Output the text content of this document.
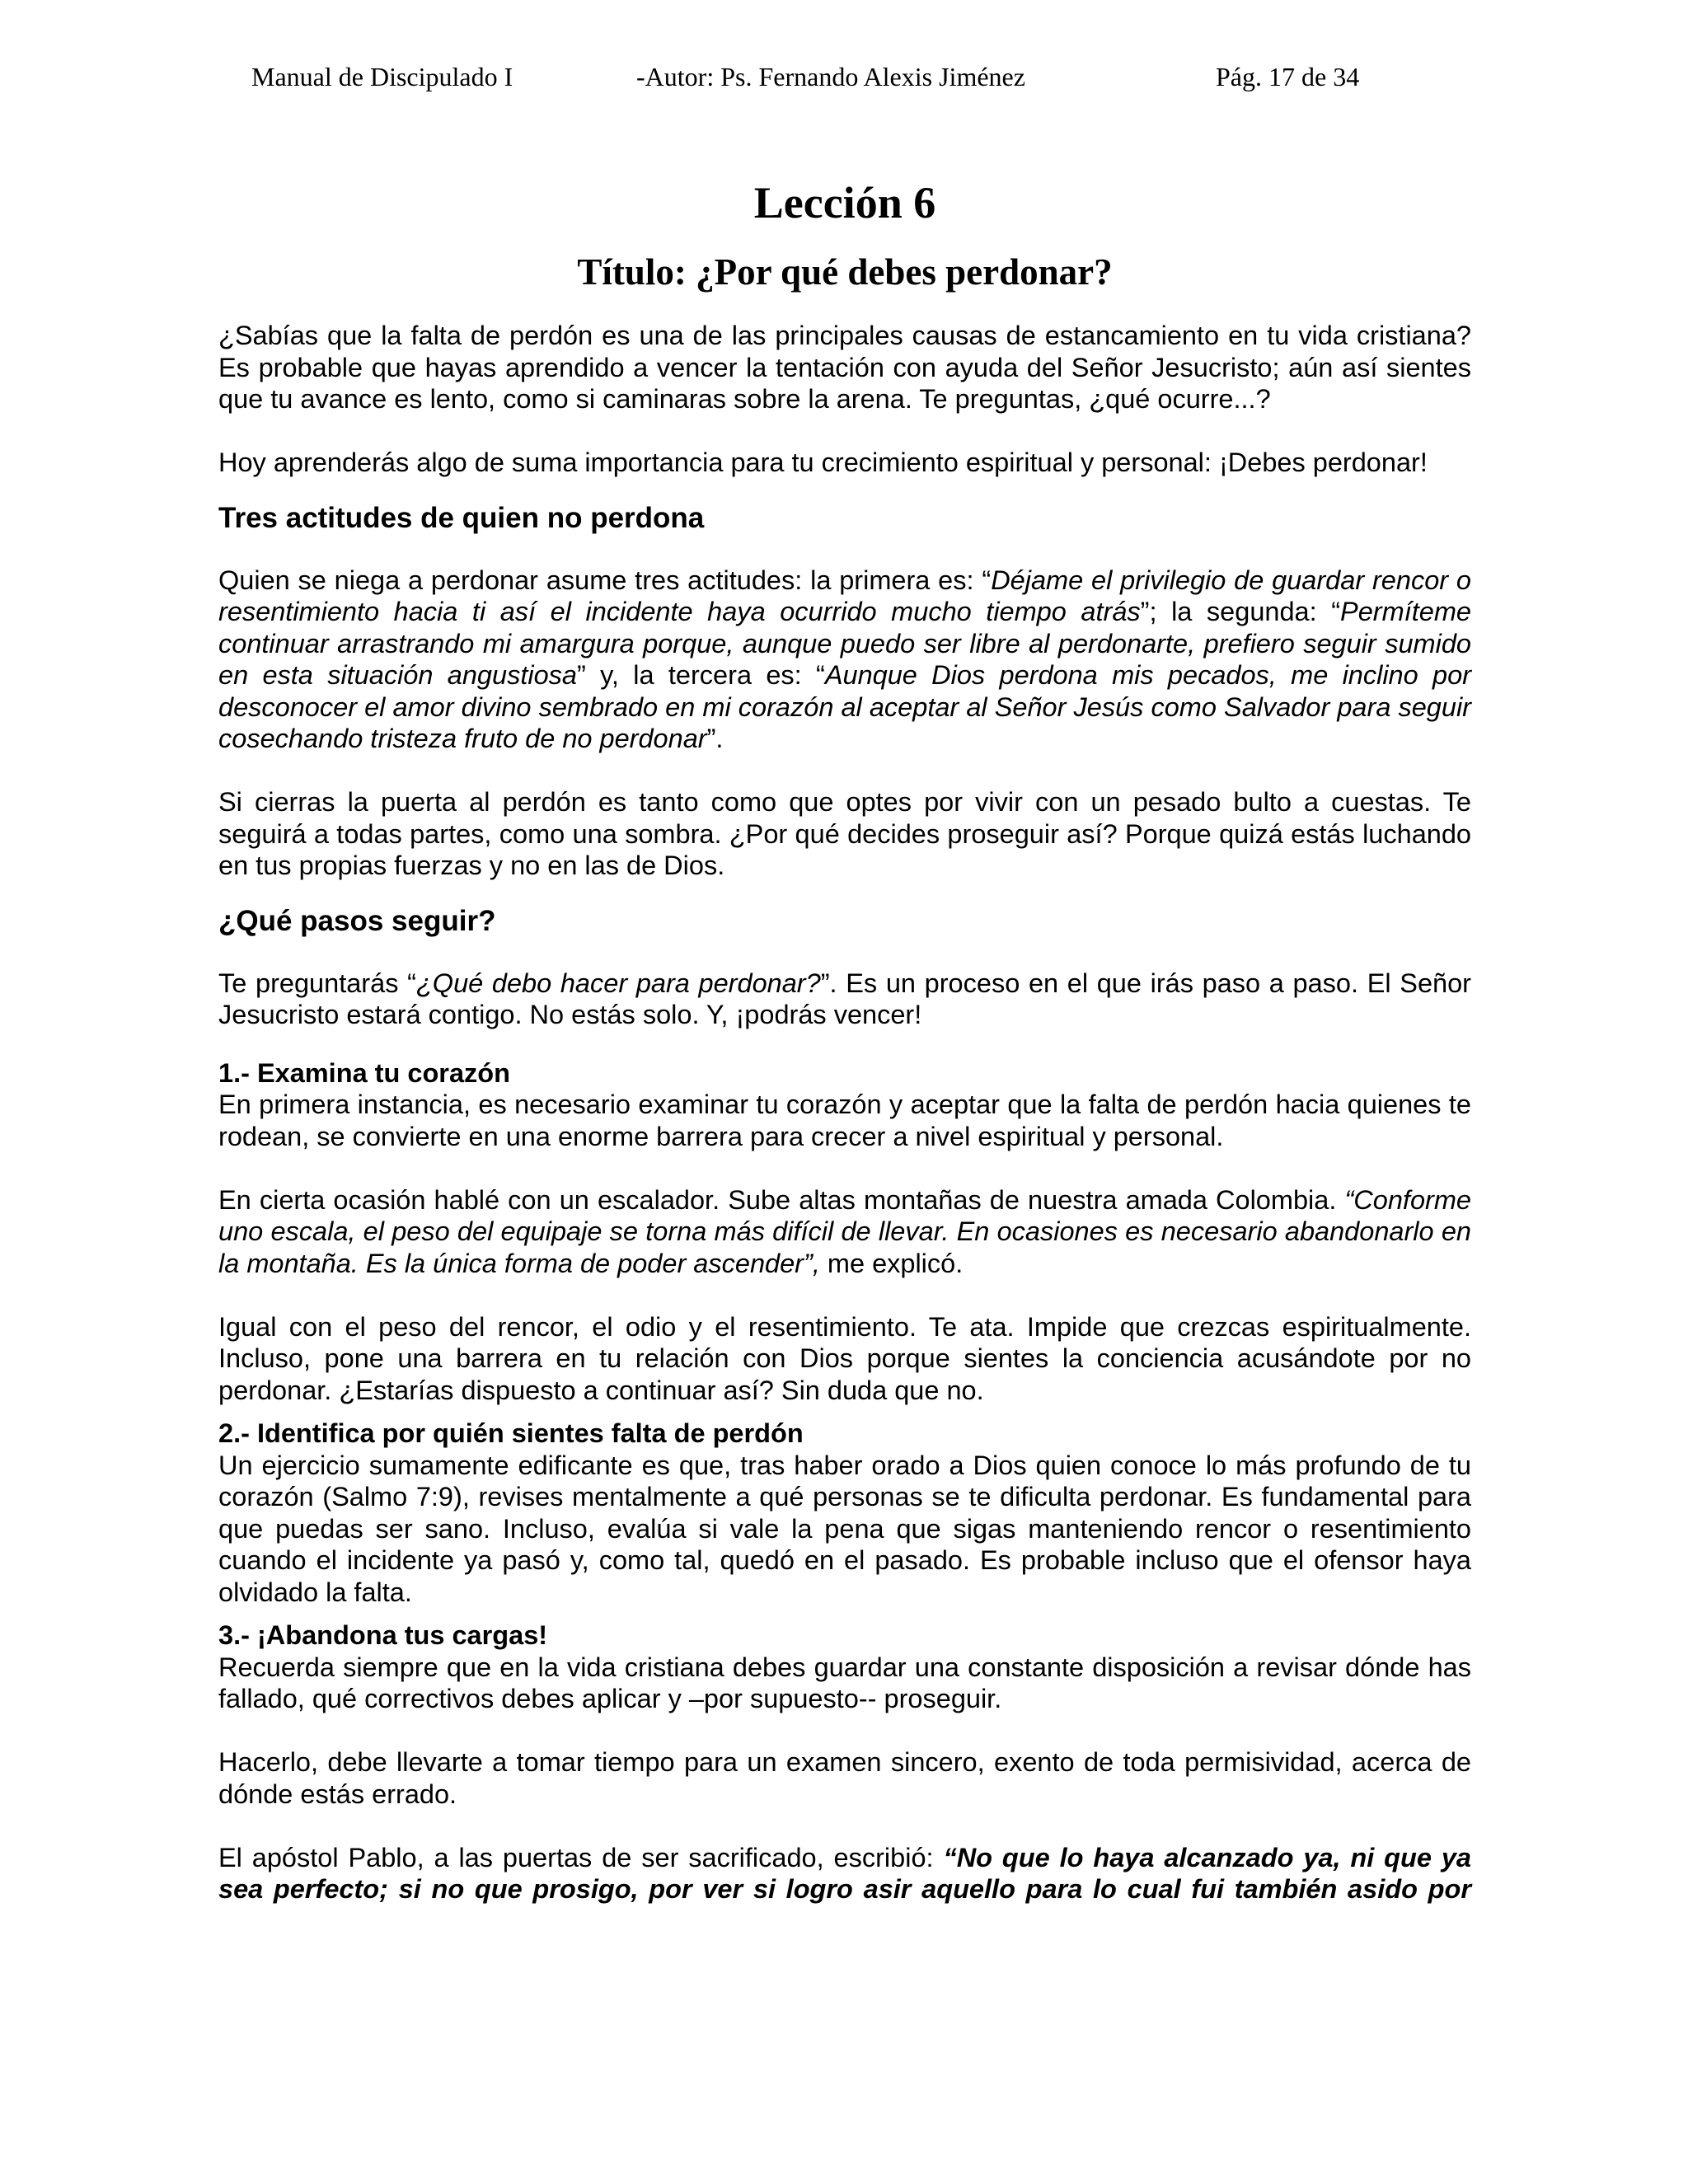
Manual de Discipulado I	-Autor: Ps. Fernando Alexis Jiménez	Pág. 17 de 34
Lección 6
Título: ¿Por qué debes perdonar?

¿Sabías que la falta de perdón es una de las principales causas de estancamiento en tu vida cristiana? Es probable que hayas aprendido a vencer la tentación con ayuda del Señor Jesucristo; aún así sientes que tu avance es lento, como si caminaras sobre la arena. Te preguntas, ¿qué ocurre...?

Hoy aprenderás algo de suma importancia para tu crecimiento espiritual y personal: ¡Debes perdonar!

Tres actitudes de quien no perdona

Quien se niega a perdonar asume tres actitudes: la primera es: “Déjame el privilegio de guardar rencor o resentimiento hacia ti así el incidente haya ocurrido mucho tiempo atrás”; la segunda: “Permíteme continuar arrastrando mi amargura porque, aunque puedo ser libre al perdonarte, prefiero seguir sumido en esta situación angustiosa” y, la tercera es: “Aunque Dios perdona mis pecados, me inclino por desconocer el amor divino sembrado en mi corazón al aceptar al Señor Jesús como Salvador para seguir cosechando tristeza fruto de no perdonar”.

Si cierras la puerta al perdón es tanto como que optes por vivir con un pesado bulto a cuestas. Te seguirá a todas partes, como una sombra. ¿Por qué decides proseguir así? Porque quizá estás luchando en tus propias fuerzas y no en las de Dios.

¿Qué pasos seguir?

Te preguntarás “¿Qué debo hacer para perdonar?”. Es un proceso en el que irás paso a paso. El Señor Jesucristo estará contigo. No estás solo. Y, ¡podrás vencer!

1.- Examina tu corazón

En primera instancia, es necesario examinar tu corazón y aceptar que la falta de perdón hacia quienes te rodean, se convierte en una enorme barrera para crecer a nivel espiritual y personal.

En cierta ocasión hablé con un escalador. Sube altas montañas de nuestra amada Colombia. “Conforme uno escala, el peso del equipaje se torna más difícil de llevar. En ocasiones es necesario abandonarlo en la montaña. Es la única forma de poder ascender”, me explicó.

Igual con el peso del rencor, el odio y el resentimiento. Te ata. Impide que crezcas espiritualmente. Incluso, pone una barrera en tu relación con Dios porque sientes la conciencia acusándote por no perdonar. ¿Estarías dispuesto a continuar así? Sin duda que no.

2.- Identifica por quién sientes falta de perdón

Un ejercicio sumamente edificante es que, tras haber orado a Dios quien conoce lo más profundo de tu corazón (Salmo 7:9), revises mentalmente a qué personas se te dificulta perdonar. Es fundamental para que puedas ser sano. Incluso, evalúa si vale la pena que sigas manteniendo rencor o resentimiento cuando el incidente ya pasó y, como tal, quedó en el pasado. Es probable incluso que el ofensor haya olvidado la falta.

3.- ¡Abandona tus cargas!

Recuerda siempre que en la vida cristiana debes guardar una constante disposición a revisar dónde has fallado, qué correctivos debes aplicar y –por supuesto-- proseguir.

Hacerlo, debe llevarte a tomar tiempo para un examen sincero, exento de toda permisividad, acerca de dónde estás errado.

El apóstol Pablo, a las puertas de ser sacrificado, escribió: “No que lo haya alcanzado ya, ni que ya sea perfecto; si no que prosigo, por ver si logro asir aquello para lo cual fui también asido por
